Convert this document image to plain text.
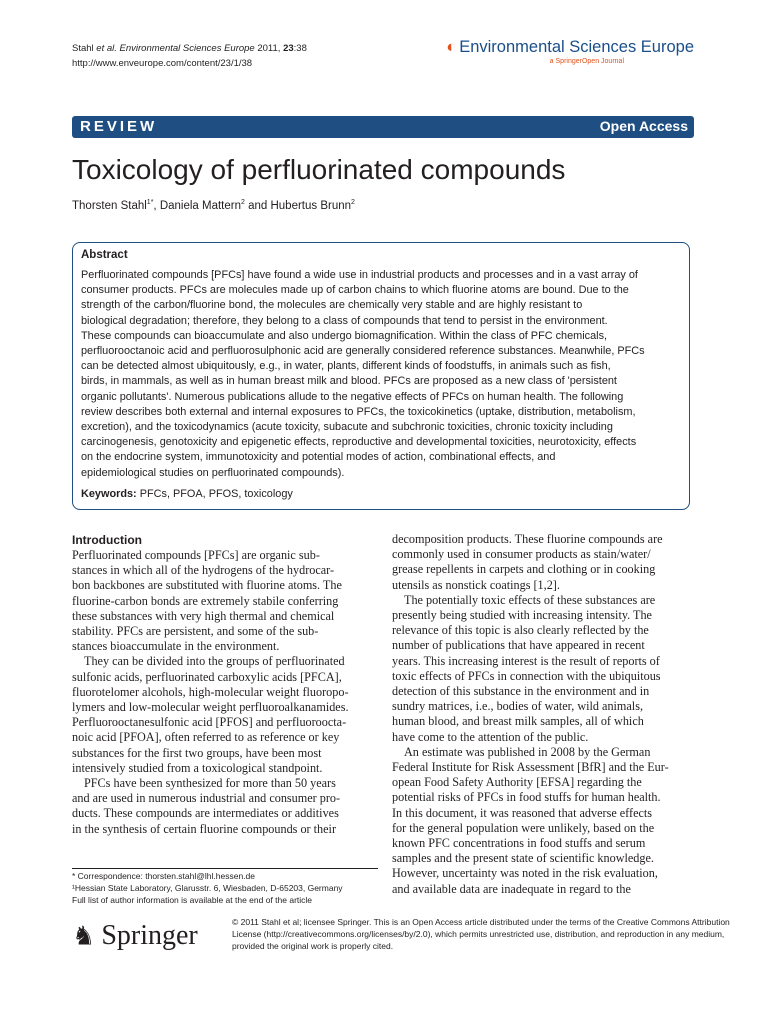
Stahl et al. Environmental Sciences Europe 2011, 23:38
http://www.enveurope.com/content/23/1/38
◐ Environmental Sciences Europe
a SpringerOpen Journal
REVIEW	Open Access
Toxicology of perfluorinated compounds
Thorsten Stahl$^{1*}$, Daniela Mattern$^2$ and Hubertus Brunn$^2$
Abstract
Perfluorinated compounds [PFCs] have found a wide use in industrial products and processes and in a vast array of
consumer products. PFCs are molecules made up of carbon chains to which fluorine atoms are bound. Due to the
strength of the carbon/fluorine bond, the molecules are chemically very stable and are highly resistant to
biological degradation; therefore, they belong to a class of compounds that tend to persist in the environment.
These compounds can bioaccumulate and also undergo biomagnification. Within the class of PFC chemicals,
perfluorooctanoic acid and perfluorosulphonic acid are generally considered reference substances. Meanwhile, PFCs
can be detected almost ubiquitously, e.g., in water, plants, different kinds of foodstuffs, in animals such as fish,
birds, in mammals, as well as in human breast milk and blood. PFCs are proposed as a new class of 'persistent
organic pollutants'. Numerous publications allude to the negative effects of PFCs on human health. The following
review describes both external and internal exposures to PFCs, the toxicokinetics (uptake, distribution, metabolism,
excretion), and the toxicodynamics (acute toxicity, subacute and subchronic toxicities, chronic toxicity including
carcinogenesis, genotoxicity and epigenetic effects, reproductive and developmental toxicities, neurotoxicity, effects
on the endocrine system, immunotoxicity and potential modes of action, combinational effects, and
epidemiological studies on perfluorinated compounds).
Keywords: PFCs, PFOA, PFOS, toxicology
Introduction
Perfluorinated compounds [PFCs] are organic sub-
stances in which all of the hydrogens of the hydrocar-
bon backbones are substituted with fluorine atoms. The
fluorine-carbon bonds are extremely stabile conferring
these substances with very high thermal and chemical
stability. PFCs are persistent, and some of the sub-
stances bioaccumulate in the environment.
They can be divided into the groups of perfluorinated
sulfonic acids, perfluorinated carboxylic acids [PFCA],
fluorotelomer alcohols, high-molecular weight fluoropo-
lymers and low-molecular weight perfluoroalkanamides.
Perfluorooctanesulfonic acid [PFOS] and perfluoroocta-
noic acid [PFOA], often referred to as reference or key
substances for the first two groups, have been most
intensively studied from a toxicological standpoint.
PFCs have been synthesized for more than 50 years
and are used in numerous industrial and consumer pro-
ducts. These compounds are intermediates or additives
in the synthesis of certain fluorine compounds or their
decomposition products. These fluorine compounds are
commonly used in consumer products as stain/water/
grease repellents in carpets and clothing or in cooking
utensils as nonstick coatings [1,2].
The potentially toxic effects of these substances are
presently being studied with increasing intensity. The
relevance of this topic is also clearly reflected by the
number of publications that have appeared in recent
years. This increasing interest is the result of reports of
toxic effects of PFCs in connection with the ubiquitous
detection of this substance in the environment and in
sundry matrices, i.e., bodies of water, wild animals,
human blood, and breast milk samples, all of which
have come to the attention of the public.
An estimate was published in 2008 by the German
Federal Institute for Risk Assessment [BfR] and the Eur-
opean Food Safety Authority [EFSA] regarding the
potential risks of PFCs in food stuffs for human health.
In this document, it was reasoned that adverse effects
for the general population were unlikely, based on the
known PFC concentrations in food stuffs and serum
samples and the present state of scientific knowledge.
However, uncertainty was noted in the risk evaluation,
and available data are inadequate in regard to the
* Correspondence: thorsten.stahl@lhl.hessen.de
¹Hessian State Laboratory, Glarusstr. 6, Wiesbaden, D-65203, Germany
Full list of author information is available at the end of the article
♞ Springer	© 2011 Stahl et al; licensee Springer. This is an Open Access article distributed under the terms of the Creative Commons Attribution
License (http://creativecommons.org/licenses/by/2.0), which permits unrestricted use, distribution, and reproduction in any medium,
provided the original work is properly cited.
